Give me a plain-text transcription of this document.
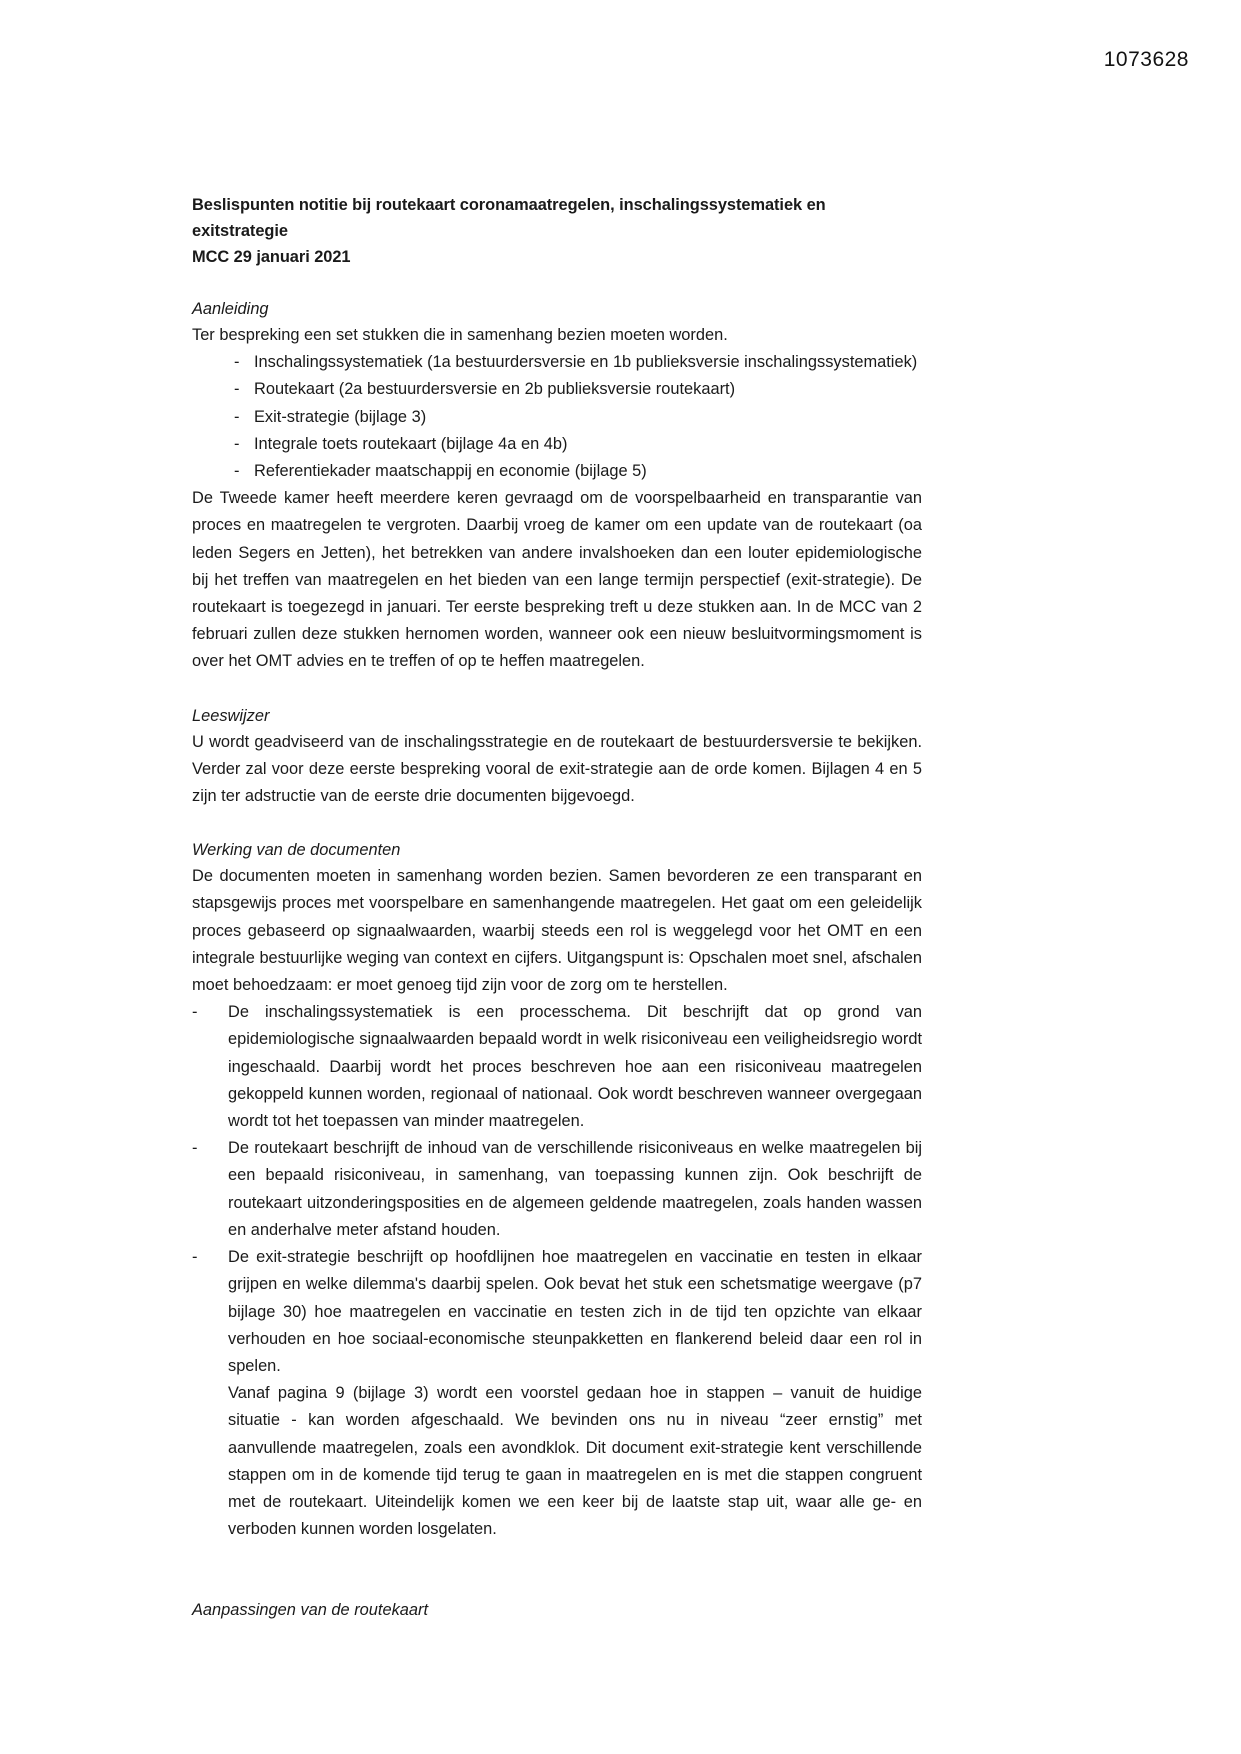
1073628
Beslispunten notitie bij routekaart coronamaatregelen, inschalingssystematiek en exitstrategie
MCC 29 januari 2021
Aanleiding

Ter bespreking een set stukken die in samenhang bezien moeten worden.

- Inschalingssystematiek (1a bestuurdersversie en 1b publieksversie inschalingssystematiek)
- Routekaart (2a bestuurdersversie en 2b publieksversie routekaart)
- Exit-strategie (bijlage 3)
- Integrale toets routekaart (bijlage 4a en 4b)
- Referentiekader maatschappij en economie (bijlage 5)

De Tweede kamer heeft meerdere keren gevraagd om de voorspelbaarheid en transparantie van proces en maatregelen te vergroten. Daarbij vroeg de kamer om een update van de routekaart (oa leden Segers en Jetten), het betrekken van andere invalshoeken dan een louter epidemiologische bij het treffen van maatregelen en het bieden van een lange termijn perspectief (exit-strategie). De routekaart is toegezegd in januari. Ter eerste bespreking treft u deze stukken aan. In de MCC van 2 februari zullen deze stukken hernomen worden, wanneer ook een nieuw besluitvormingsmoment is over het OMT advies en te treffen of op te heffen maatregelen.

Leeswijzer

U wordt geadviseerd van de inschalingsstrategie en de routekaart de bestuurdersversie te bekijken. Verder zal voor deze eerste bespreking vooral de exit-strategie aan de orde komen. Bijlagen 4 en 5 zijn ter adstructie van de eerste drie documenten bijgevoegd.

Werking van de documenten

De documenten moeten in samenhang worden bezien. Samen bevorderen ze een transparant en stapsgewijs proces met voorspelbare en samenhangende maatregelen. Het gaat om een geleidelijk proces gebaseerd op signaalwaarden, waarbij steeds een rol is weggelegd voor het OMT en een integrale bestuurlijke weging van context en cijfers. Uitgangspunt is: Opschalen moet snel, afschalen moet behoedzaam: er moet genoeg tijd zijn voor de zorg om te herstellen.

- De inschalingssystematiek is een processchema. Dit beschrijft dat op grond van epidemiologische signaalwaarden bepaald wordt in welk risiconiveau een veiligheidsregio wordt ingeschaald. Daarbij wordt het proces beschreven hoe aan een risiconiveau maatregelen gekoppeld kunnen worden, regionaal of nationaal. Ook wordt beschreven wanneer overgegaan wordt tot het toepassen van minder maatregelen.
- De routekaart beschrijft de inhoud van de verschillende risiconiveaus en welke maatregelen bij een bepaald risiconiveau, in samenhang, van toepassing kunnen zijn. Ook beschrijft de routekaart uitzonderingsposities en de algemeen geldende maatregelen, zoals handen wassen en anderhalve meter afstand houden.
- De exit-strategie beschrijft op hoofdlijnen hoe maatregelen en vaccinatie en testen in elkaar grijpen en welke dilemma's daarbij spelen. Ook bevat het stuk een schetsmatige weergave (p7 bijlage 30) hoe maatregelen en vaccinatie en testen zich in de tijd ten opzichte van elkaar verhouden en hoe sociaal-economische steunpakketten en flankerend beleid daar een rol in spelen.

Vanaf pagina 9 (bijlage 3) wordt een voorstel gedaan hoe in stappen – vanuit de huidige situatie - kan worden afgeschaald. We bevinden ons nu in niveau “zeer ernstig” met aanvullende maatregelen, zoals een avondklok. Dit document exit-strategie kent verschillende stappen om in de komende tijd terug te gaan in maatregelen en is met die stappen congruent met de routekaart. Uiteindelijk komen we een keer bij de laatste stap uit, waar alle ge- en verboden kunnen worden losgelaten.

Aanpassingen van de routekaart
